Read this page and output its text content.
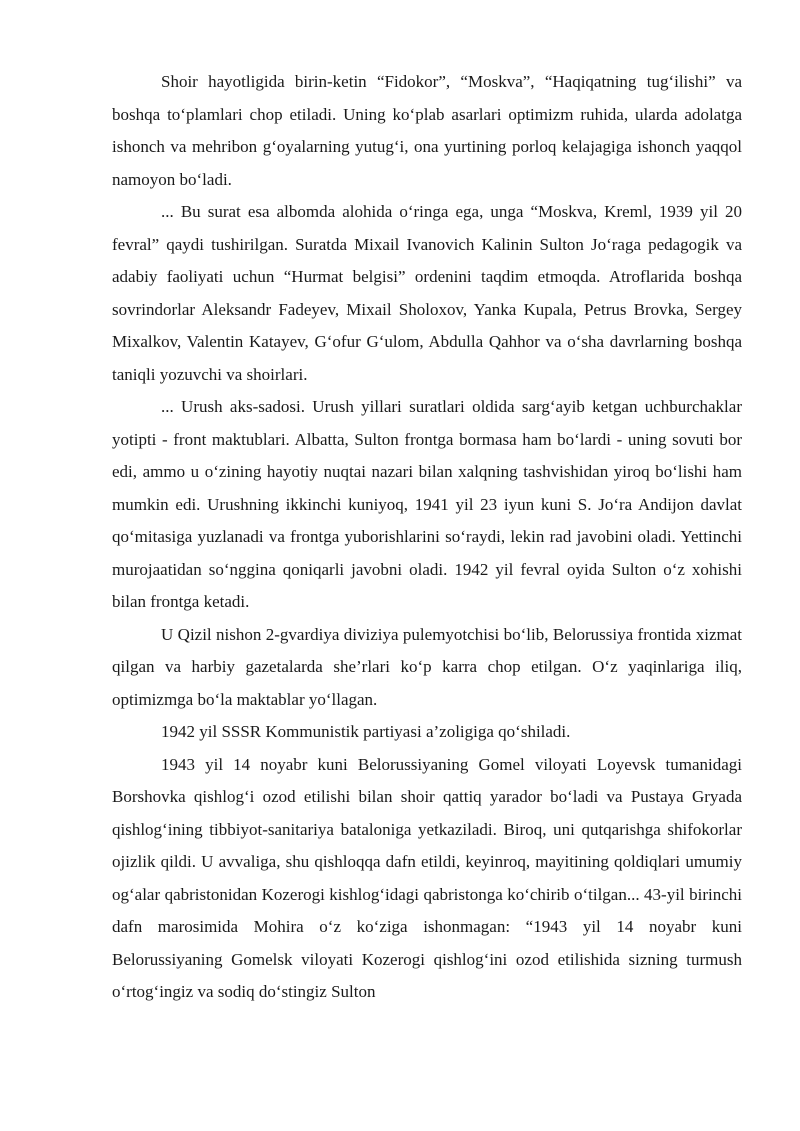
Shoir hayotligida birin-ketin “Fidokor”, “Moskva”, “Haqiqatning tug‘ilishi” va boshqa to‘plamlari chop etiladi. Uning ko‘plab asarlari optimizm ruhida, ularda adolatga ishonch va mehribon g‘oyalarning yutug‘i, ona yurtining porloq kelajagiga ishonch yaqqol namoyon bo‘ladi.

... Bu surat esa albomda alohida o‘ringa ega, unga “Moskva, Kreml, 1939 yil 20 fevral” qaydi tushirilgan. Suratda Mixail Ivanovich Kalinin Sulton Jo‘raga pedagogik va adabiy faoliyati uchun “Hurmat belgisi” ordenini taqdim etmoqda. Atroflarida boshqa sovrindorlar Aleksandr Fadeyev, Mixail Sholoxov, Yanka Kupala, Petrus Brovka, Sergey Mixalkov, Valentin Katayev, G‘ofur G‘ulom, Abdulla Qahhor va o‘sha davrlarning boshqa taniqli yozuvchi va shoirlari.

... Urush aks-sadosi. Urush yillari suratlari oldida sarg‘ayib ketgan uchburchaklar yotipti - front maktublari. Albatta, Sulton frontga bormasa ham bo‘lardi - uning sovuti bor edi, ammo u o‘zining hayotiy nuqtai nazari bilan xalqning tashvishidan yiroq bo‘lishi ham mumkin edi. Urushning ikkinchi kuniyoq, 1941 yil 23 iyun kuni S. Jo‘ra Andijon davlat qo‘mitasiga yuzlanadi va frontga yuborishlarini so‘raydi, lekin rad javobini oladi. Yettinchi murojaatidan so‘nggina qoniqarli javobni oladi. 1942 yil fevral oyida Sulton o‘z xohishi bilan frontga ketadi.

U Qizil nishon 2-gvardiya diviziya pulemyotchisi bo‘lib, Belorussiya frontida xizmat qilgan va harbiy gazetalarda she’rlari ko‘p karra chop etilgan. O‘z yaqinlariga iliq, optimizmga bo‘la maktablar yo‘llagan.

1942 yil SSSR Kommunistik partiyasi a’zoligiga qo‘shiladi.

1943 yil 14 noyabr kuni Belorussiyaning Gomel viloyati Loyevsk tumanidagi Borshovka qishlog‘i ozod etilishi bilan shoir qattiq yarador bo‘ladi va Pustaya Gryada qishlog‘ining tibbiyot-sanitariya bataloniga yetkaziladi. Biroq, uni qutqarishga shifokorlar ojizlik qildi. U avvaliga, shu qishloqqa dafn etildi, keyinroq, mayitining qoldiqlari umumiy og‘alar qabristonidan Kozerogi kishlog‘idagi qabristonga ko‘chirib o‘tilgan... 43-yil birinchi dafn marosimida Mohira o‘z ko‘ziga ishonmagan: “1943 yil 14 noyabr kuni Belorussiyaning Gomelsk viloyati Kozerogi qishlog‘ini ozod etilishida sizning turmush o‘rtog‘ingiz va sodiq do‘stingiz Sulton
